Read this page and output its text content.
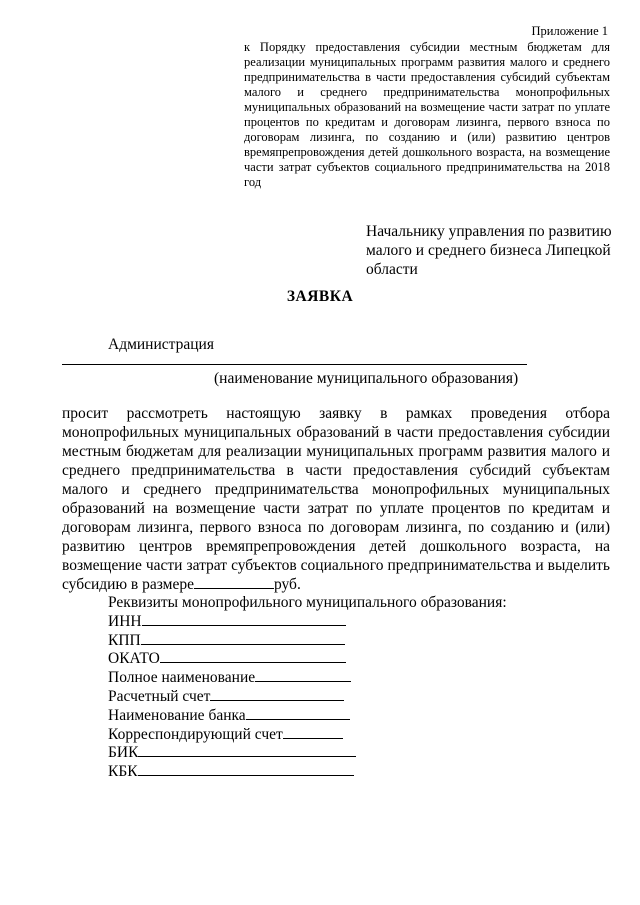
Приложение 1
к Порядку предоставления субсидии местным бюджетам для реализации муниципальных программ развития малого и среднего предпринимательства в части предоставления субсидий субъектам малого и среднего предпринимательства монопрофильных муниципальных образований на возмещение части затрат по уплате процентов по кредитам и договорам лизинга, первого взноса по договорам лизинга, по созданию и (или) развитию центров времяпрепровождения детей дошкольного возраста, на возмещение части затрат субъектов социального предпринимательства на 2018 год
Начальнику управления по развитию малого и среднего бизнеса Липецкой области
ЗАЯВКА
Администрация
(наименование муниципального образования)
просит рассмотреть настоящую заявку в рамках проведения отбора монопрофильных муниципальных образований в части предоставления субсидии местным бюджетам для реализации муниципальных программ развития малого и среднего предпринимательства в части предоставления субсидий субъектам малого и среднего предпринимательства монопрофильных муниципальных образований на возмещение части затрат по уплате процентов по кредитам и договорам лизинга, первого взноса по договорам лизинга, по созданию и (или) развитию центров времяпрепровождения детей дошкольного возраста, на возмещение части затрат субъектов социального предпринимательства и выделить субсидию в размере	руб.
Реквизиты монопрофильного муниципального образования:
ИНН
КПП
ОКАТО
Полное наименование
Расчетный счет
Наименование банка
Корреспондирующий счет
БИК
КБК
